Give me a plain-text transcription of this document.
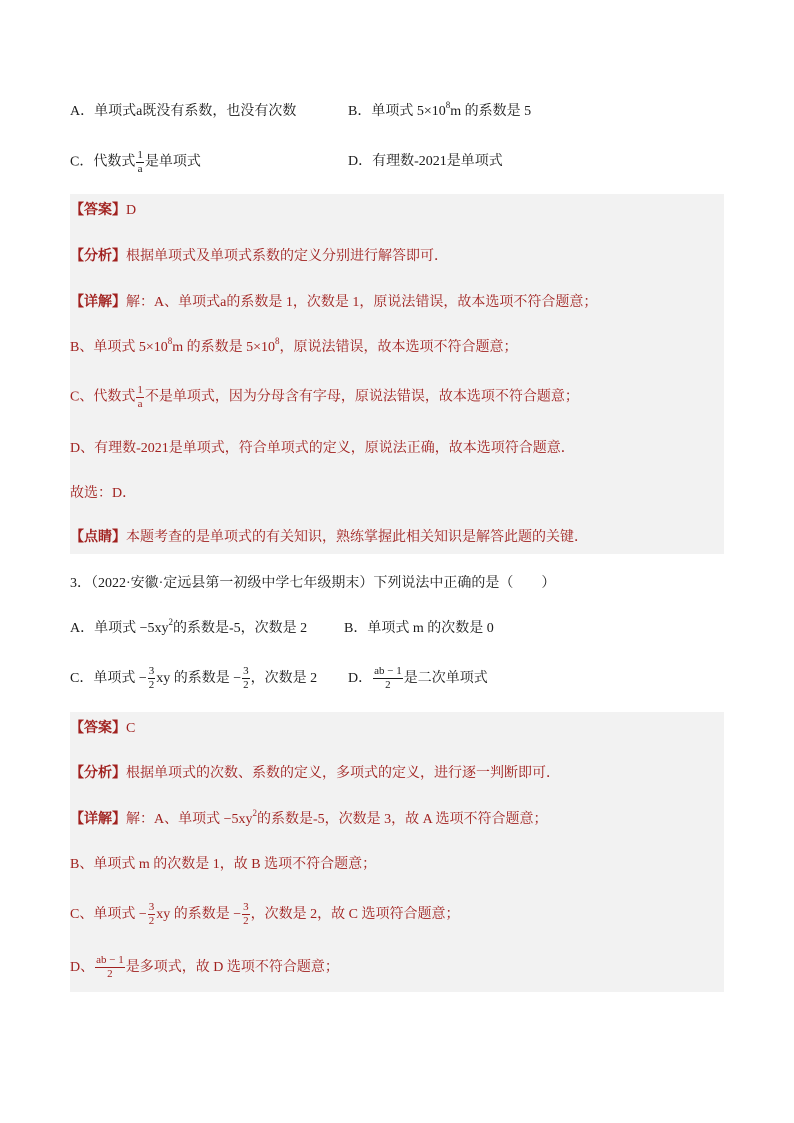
A．单项式a既没有系数，也没有次数	B．单项式 $5\times 10^8m$ 的系数是 5
C．代数式 $\frac{1}{a}$ 是单项式	D．有理数-2021是单项式
【答案】D
【分析】根据单项式及单项式系数的定义分别进行解答即可．
【详解】解：A、单项式a的系数是 1，次数是 1，原说法错误，故本选项不符合题意；
B、单项式 $5\times 10^8m$ 的系数是 $5\times 10^8$，原说法错误，故本选项不符合题意；
C、代数式 $\frac{1}{a}$ 不是单项式，因为分母含有字母，原说法错误，故本选项不符合题意；
D、有理数-2021是单项式，符合单项式的定义，原说法正确，故本选项符合题意．
故选：D．
【点睛】本题考查的是单项式的有关知识，熟练掌握此相关知识是解答此题的关键．
3．（2022·安徽·定远县第一初级中学七年级期末）下列说法中正确的是（　　）
A．单项式 $-5xy^2$的系数是-5，次数是 2	B．单项式 m 的次数是 0
C．单项式 − $\frac{3}{2}$ xy 的系数是 − $\frac{3}{2}$ ，次数是 2 D． $\frac{ab - 1}{2}$ 是二次单项式
【答案】C
【分析】根据单项式的次数、系数的定义，多项式的定义，进行逐一判断即可．
【详解】解：A、单项式 $-5xy^2$的系数是-5，次数是 3，故 A 选项不符合题意；
B、单项式 m 的次数是 1，故 B 选项不符合题意；
C、单项式 − $\frac{3}{2}$ xy 的系数是 − $\frac{3}{2}$ ，次数是 2，故 C 选项符合题意；
D、 $\frac{ab - 1}{2}$ 是多项式，故 D 选项不符合题意；
